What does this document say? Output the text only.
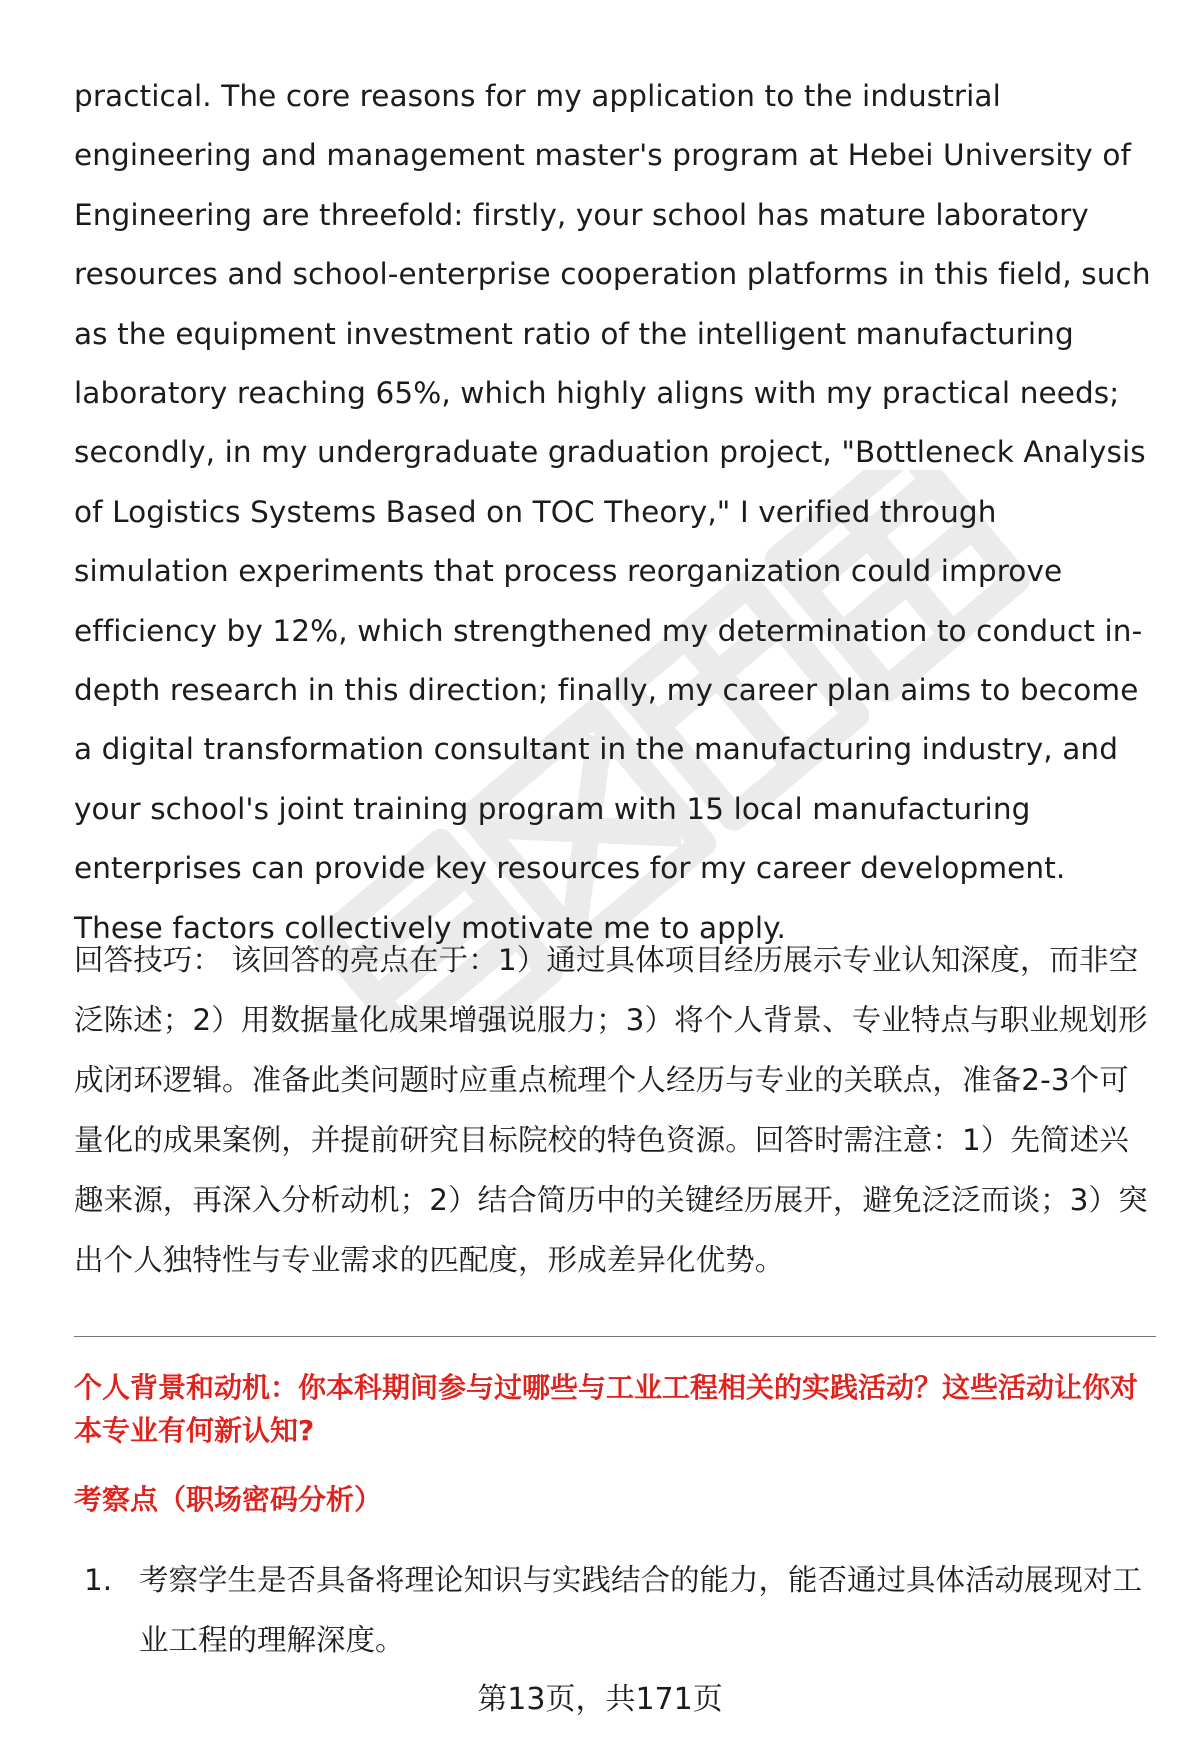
practical. The core reasons for my application to the industrial engineering and management master's program at Hebei University of Engineering are threefold: firstly, your school has mature laboratory resources and school-enterprise cooperation platforms in this field, such as the equipment investment ratio of the intelligent manufacturing laboratory reaching 65%, which highly aligns with my practical needs; secondly, in my undergraduate graduation project, "Bottleneck Analysis of Logistics Systems Based on TOC Theory," I verified through simulation experiments that process reorganization could improve efficiency by 12%, which strengthened my determination to conduct in-depth research in this direction; finally, my career plan aims to become a digital transformation consultant in the manufacturing industry, and your school's joint training program with 15 local manufacturing enterprises can provide key resources for my career development. These factors collectively motivate me to apply.

回答技巧： 该回答的亮点在于：1）通过具体项目经历展示专业认知深度，而非空泛陈述；2）用数据量化成果增强说服力；3）将个人背景、专业特点与职业规划形成闭环逻辑。准备此类问题时应重点梳理个人经历与专业的关联点，准备2-3个可量化的成果案例，并提前研究目标院校的特色资源。回答时需注意：1）先简述兴趣来源，再深入分析动机；2）结合简历中的关键经历展开，避免泛泛而谈；3）突出个人独特性与专业需求的匹配度，形成差异化优势。

个人背景和动机：你本科期间参与过哪些与工业工程相关的实践活动？这些活动让你对本专业有何新认知?

考察点（职场密码分析）

1. 考察学生是否具备将理论知识与实践结合的能力，能否通过具体活动展现对工业工程的理解深度。
第13页，共171页
